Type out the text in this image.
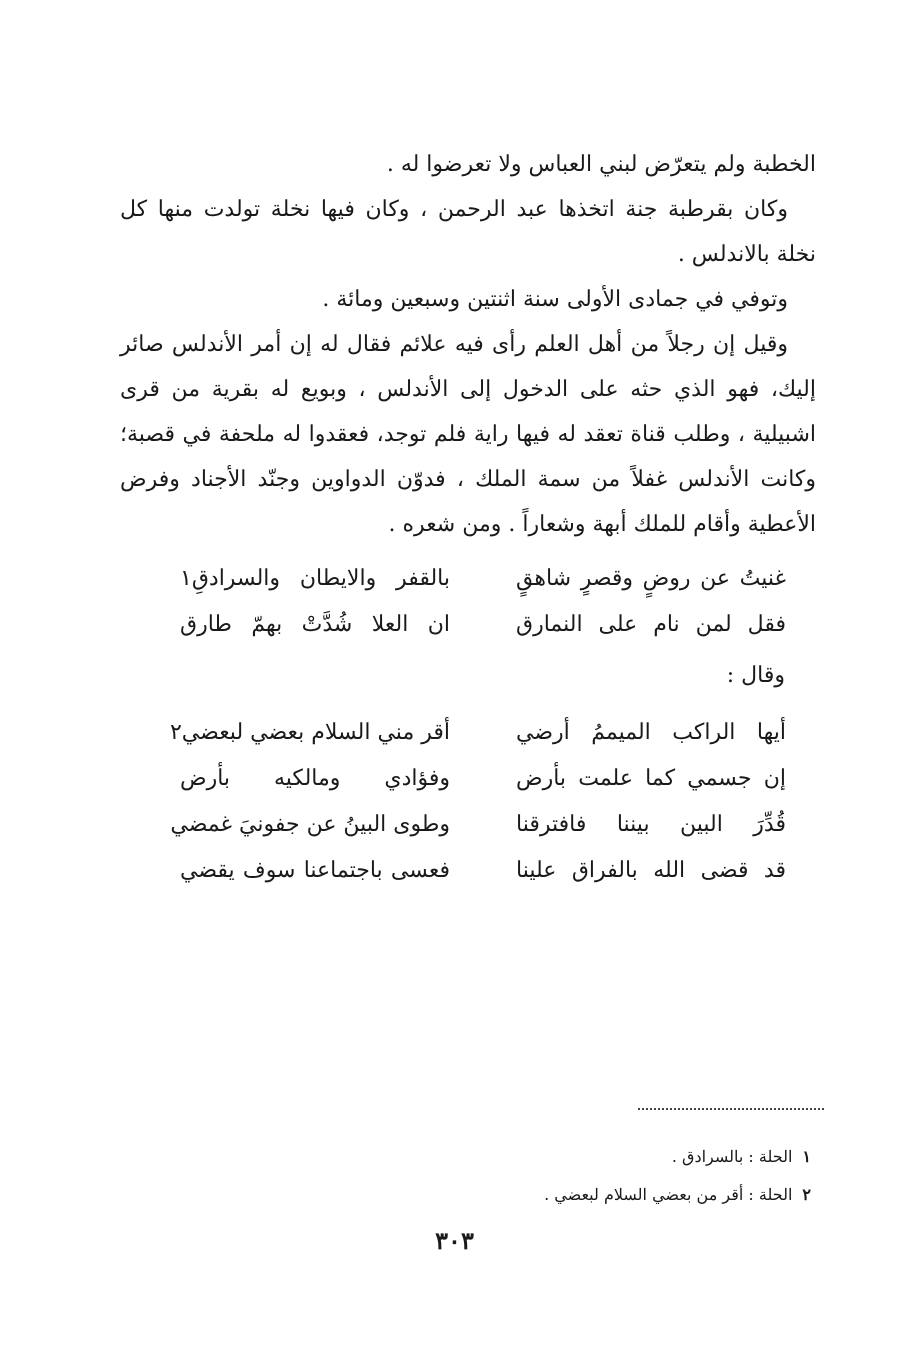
الخطبة ولم يتعرّض لبني العباس ولا تعرضوا له .

وكان بقرطبة جنة اتخذها عبد الرحمن ، وكان فيها نخلة تولدت منها كل نخلة بالاندلس .

وتوفي في جمادى الأولى سنة اثنتين وسبعين ومائة .

وقيل إن رجلاً من أهل العلم رأى فيه علائم فقال له إن أمر الأندلس صائر إليك، فهو الذي حثه على الدخول إلى الأندلس ، وبويع له بقرية من قرى اشبيلية ، وطلب قناة تعقد له فيها راية فلم توجد، فعقدوا له ملحفة في قصبة؛وكانت الأندلس غفلاً من سمة الملك ، فدوّن الدواوين وجنّد الأجناد وفرض الأعطية وأقام للملك أبهة وشعاراً . ومن شعره .

غنيتُ عن روضٍ وقصرٍ شاهقٍ
بالقفر والايطان والسرادقِ١
فقل لمن نام على النمارق
ان العلا شُدَّتْ بهمّ طارق
وقال :
أيها الراكب الميممُ أرضي
أقر مني السلام بعضي لبعضي٢
إن جسمي كما علمت بأرض
وفؤادي ومالكيه بأرض
قُدِّرَ البين بيننا فافترقنا
وطوى البينُ عن جفونيَ غمضي
قد قضى الله بالفراق علينا
فعسى باجتماعنا سوف يقضي
١الحلة : بالسرادق .
٢الحلة : أقر من بعضي السلام لبعضي .
٣٠٣
